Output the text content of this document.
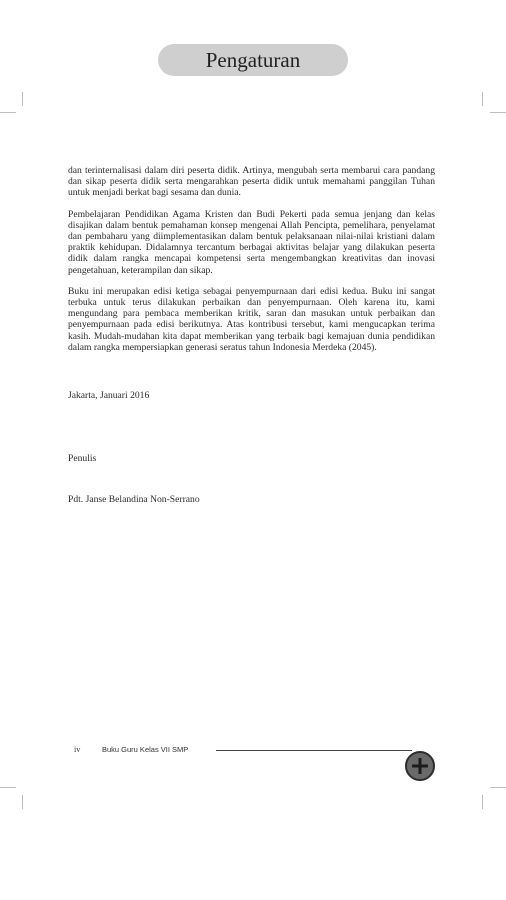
Pengaturan

dan terinternalisasi dalam diri peserta didik. Artinya, mengubah serta membarui cara pandang dan sikap peserta didik serta mengarahkan peserta didik untuk memahami panggilan Tuhan untuk menjadi berkat bagi sesama dan dunia.

Pembelajaran Pendidikan Agama Kristen dan Budi Pekerti pada semua jenjang dan kelas disajikan dalam bentuk pemahaman konsep mengenai Allah Pencipta, pemelihara, penyelamat dan pembaharu yang diimplementasikan dalam bentuk pelaksanaan nilai-nilai kristiani dalam praktik kehidupan. Didalamnya tercantum berbagai aktivitas belajar yang dilakukan peserta didik dalam rangka mencapai kompetensi serta mengembangkan kreativitas dan inovasi pengetahuan, keterampilan dan sikap.

Buku ini merupakan edisi ketiga sebagai penyempurnaan dari edisi kedua. Buku ini sangat terbuka untuk terus dilakukan perbaikan dan penyempurnaan. Oleh karena itu, kami mengundang para pembaca memberikan kritik, saran dan masukan untuk perbaikan dan penyempurnaan pada edisi berikutnya. Atas kontribusi tersebut, kami mengucapkan terima kasih. Mudah-mudahan kita dapat memberikan yang terbaik bagi kemajuan dunia pendidikan dalam rangka mempersiapkan generasi seratus tahun Indonesia Merdeka (2045).

Jakarta, Januari 2016
Penulis
Pdt. Janse Belandina Non-Serrano
iv	Buku Guru Kelas VII SMP
